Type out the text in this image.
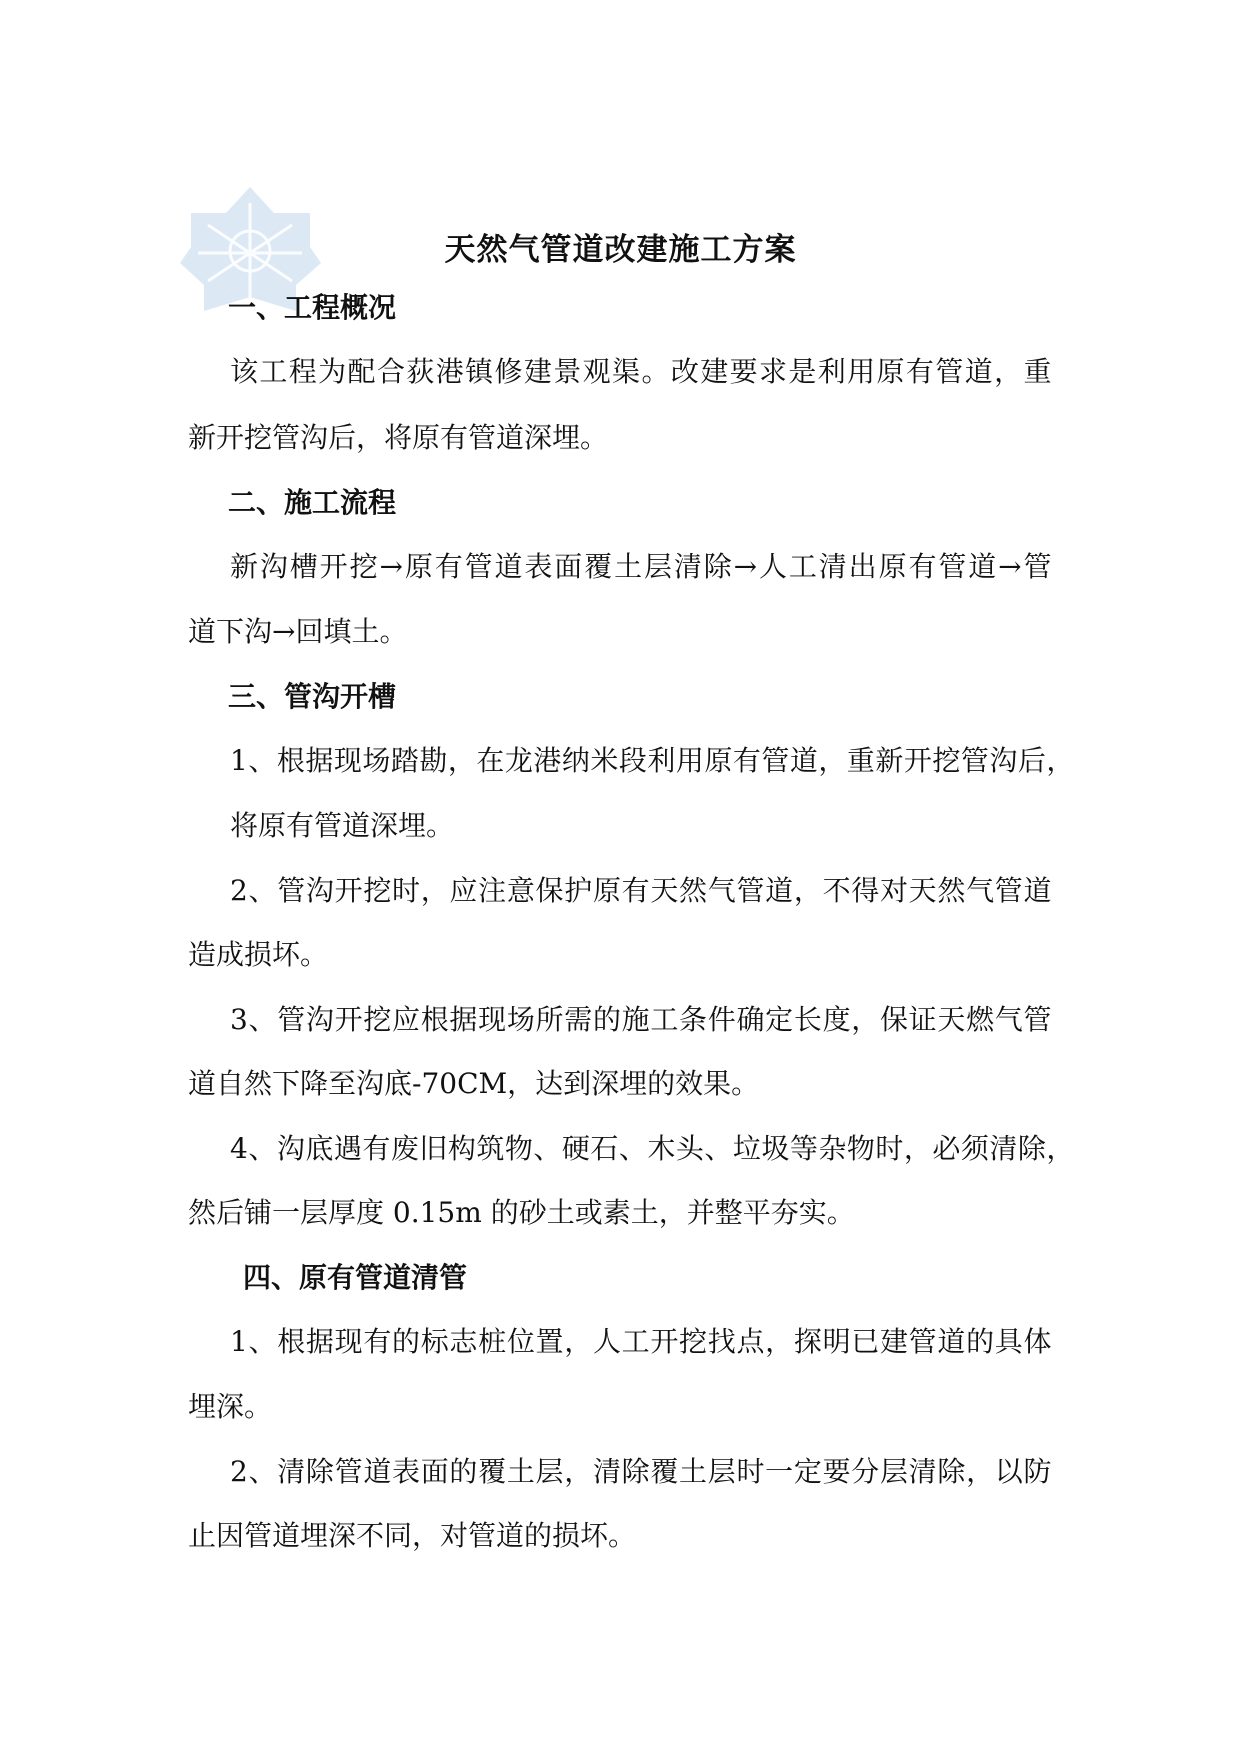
天然气管道改建施工方案

一、工程概况

该工程为配合荻港镇修建景观渠。改建要求是利用原有管道，重

新开挖管沟后，将原有管道深埋。

二、施工流程

新沟槽开挖→原有管道表面覆土层清除→人工清出原有管道→管

道下沟→回填土。

三、管沟开槽

1、根据现场踏勘，在龙港纳米段利用原有管道，重新开挖管沟后，

将原有管道深埋。

2、管沟开挖时，应注意保护原有天然气管道，不得对天然气管道

造成损坏。

3、管沟开挖应根据现场所需的施工条件确定长度，保证天燃气管

道自然下降至沟底-70CM，达到深埋的效果。

4、沟底遇有废旧构筑物、硬石、木头、垃圾等杂物时，必须清除，

然后铺一层厚度 0.15m 的砂土或素土，并整平夯实。

四、原有管道清管

1、根据现有的标志桩位置，人工开挖找点，探明已建管道的具体

埋深。

2、清除管道表面的覆土层，清除覆土层时一定要分层清除，以防

止因管道埋深不同，对管道的损坏。
